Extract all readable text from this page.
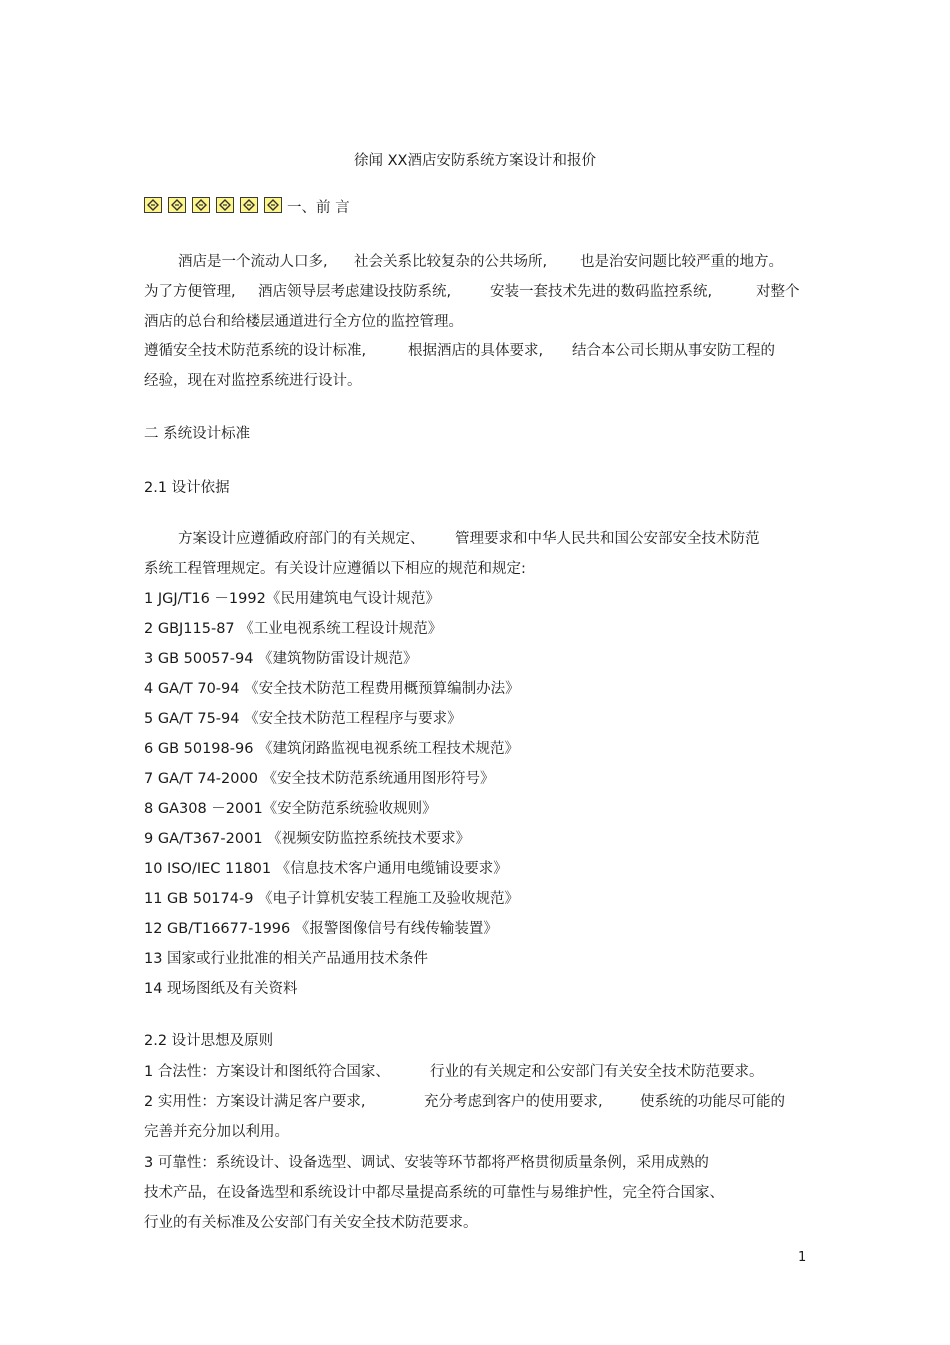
徐闻 XX酒店安防系统方案设计和报价
一、前 言
酒店是一个流动人口多, 社会关系比较复杂的公共场所, 也是治安问题比较严重的地方。
为了方便管理, 酒店领导层考虑建设技防系统,	安装一套技术先进的数码监控系统,	对整个
酒店的总台和给楼层通道进行全方位的监控管理。
遵循安全技术防范系统的设计标准,	根据酒店的具体要求, 结合本公司长期从事安防工程的
经验，现在对监控系统进行设计。
二 系统设计标准
2.1 设计依据
方案设计应遵循政府部门的有关规定、 管理要求和中华人民共和国公安部安全技术防范
系统工程管理规定。有关设计应遵循以下相应的规范和规定:
1 JGJ/T16 －1992《民用建筑电气设计规范》
2 GBJ115-87 《工业电视系统工程设计规范》
3 GB 50057-94 《建筑物防雷设计规范》
4 GA/T 70-94 《安全技术防范工程费用概预算编制办法》
5 GA/T 75-94 《安全技术防范工程程序与要求》
6 GB 50198-96 《建筑闭路监视电视系统工程技术规范》
7 GA/T 74-2000 《安全技术防范系统通用图形符号》
8 GA308 －2001《安全防范系统验收规则》
9 GA/T367-2001 《视频安防监控系统技术要求》
10 ISO/IEC 11801 《信息技术客户通用电缆铺设要求》
11 GB 50174-9 《电子计算机安装工程施工及验收规范》
12 GB/T16677-1996 《报警图像信号有线传输装置》
13 国家或行业批准的相关产品通用技术条件
14 现场图纸及有关资料
2.2 设计思想及原则
1 合法性：方案设计和图纸符合国家、	行业的有关规定和公安部门有关安全技术防范要求。
2 实用性：方案设计满足客户要求,	充分考虑到客户的使用要求,	使系统的功能尽可能的
完善并充分加以利用。
3 可靠性：系统设计、设备选型、调试、安装等环节都将严格贯彻质量条例，采用成熟的
技术产品，在设备选型和系统设计中都尽量提高系统的可靠性与易维护性，完全符合国家、
行业的有关标准及公安部门有关安全技术防范要求。
1
